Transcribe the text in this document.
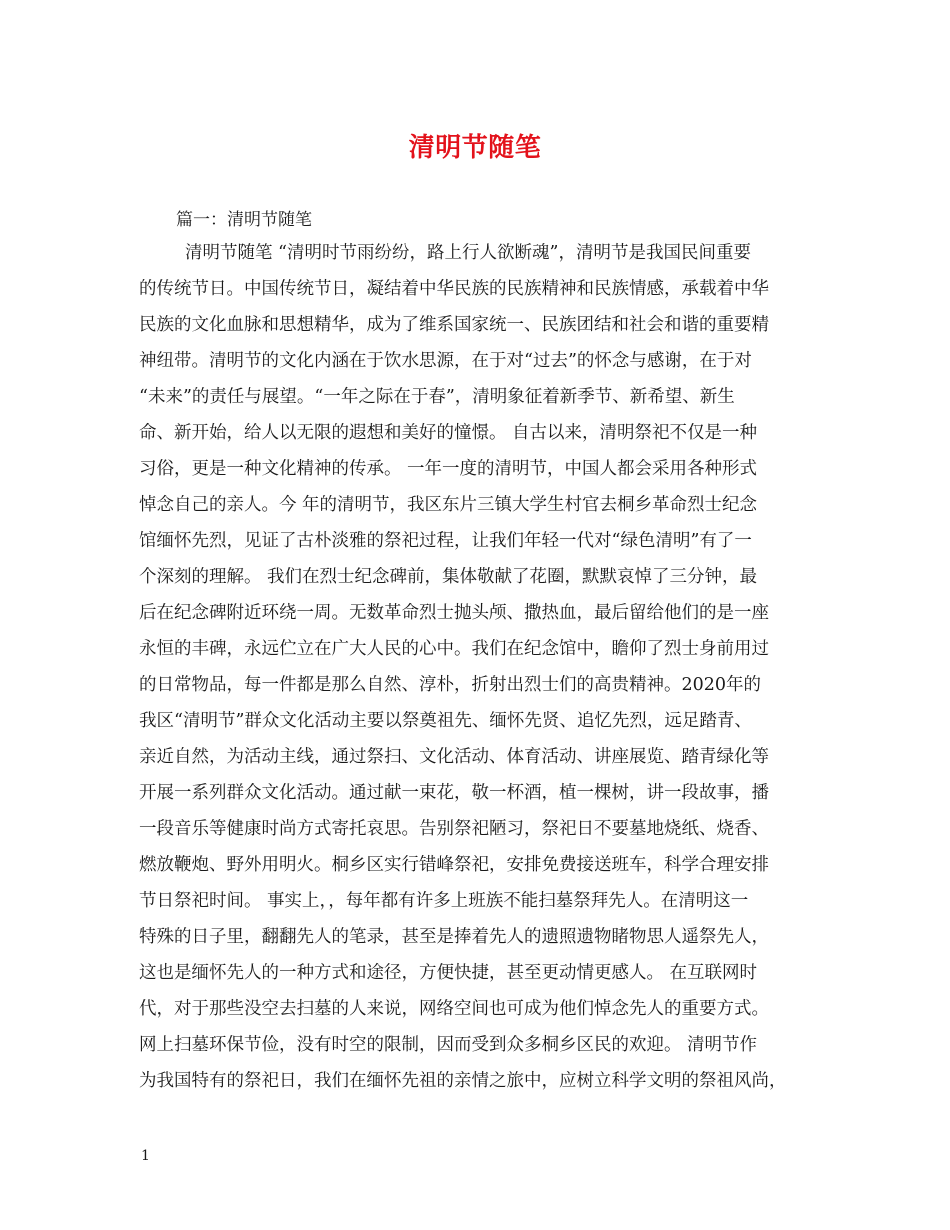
清明节随笔
篇一：清明节随笔
清明节随笔 “清明时节雨纷纷，路上行人欲断魂”，清明节是我国民间重要
的传统节日。中国传统节日，凝结着中华民族的民族精神和民族情感，承载着中华
民族的文化血脉和思想精华，成为了维系国家统一、民族团结和社会和谐的重要精
神纽带。清明节的文化内涵在于饮水思源，在于对“过去”的怀念与感谢，在于对
“未来”的责任与展望。“一年之际在于春”，清明象征着新季节、新希望、新生
命、新开始，给人以无限的遐想和美好的憧憬。 自古以来，清明祭祀不仅是一种
习俗，更是一种文化精神的传承。 一年一度的清明节，中国人都会采用各种形式
悼念自己的亲人。今 年的清明节，我区东片三镇大学生村官去桐乡革命烈士纪念
馆缅怀先烈，见证了古朴淡雅的祭祀过程，让我们年轻一代对“绿色清明”有了一
个深刻的理解。 我们在烈士纪念碑前，集体敬献了花圈，默默哀悼了三分钟，最
后在纪念碑附近环绕一周。无数革命烈士抛头颅、撒热血，最后留给他们的是一座
永恒的丰碑，永远伫立在广大人民的心中。我们在纪念馆中，瞻仰了烈士身前用过
的日常物品，每一件都是那么自然、淳朴，折射出烈士们的高贵精神。2020年的
我区“清明节”群众文化活动主要以祭奠祖先、缅怀先贤、追忆先烈，远足踏青、
亲近自然，为活动主线，通过祭扫、文化活动、体育活动、讲座展览、踏青绿化等
开展一系列群众文化活动。通过献一束花，敬一杯酒，植一棵树，讲一段故事，播
一段音乐等健康时尚方式寄托哀思。告别祭祀陋习，祭祀日不要墓地烧纸、烧香、
燃放鞭炮、野外用明火。桐乡区实行错峰祭祀，安排免费接送班车，科学合理安排
节日祭祀时间。 事实上，，每年都有许多上班族不能扫墓祭拜先人。在清明这一
特殊的日子里，翻翻先人的笔录，甚至是捧着先人的遗照遗物睹物思人遥祭先人，
这也是缅怀先人的一种方式和途径，方便快捷，甚至更动情更感人。 在互联网时
代，对于那些没空去扫墓的人来说，网络空间也可成为他们悼念先人的重要方式。
网上扫墓环保节俭，没有时空的限制，因而受到众多桐乡区民的欢迎。 清明节作
为我国特有的祭祀日，我们在缅怀先祖的亲情之旅中，应树立科学文明的祭祖风尚，
1
